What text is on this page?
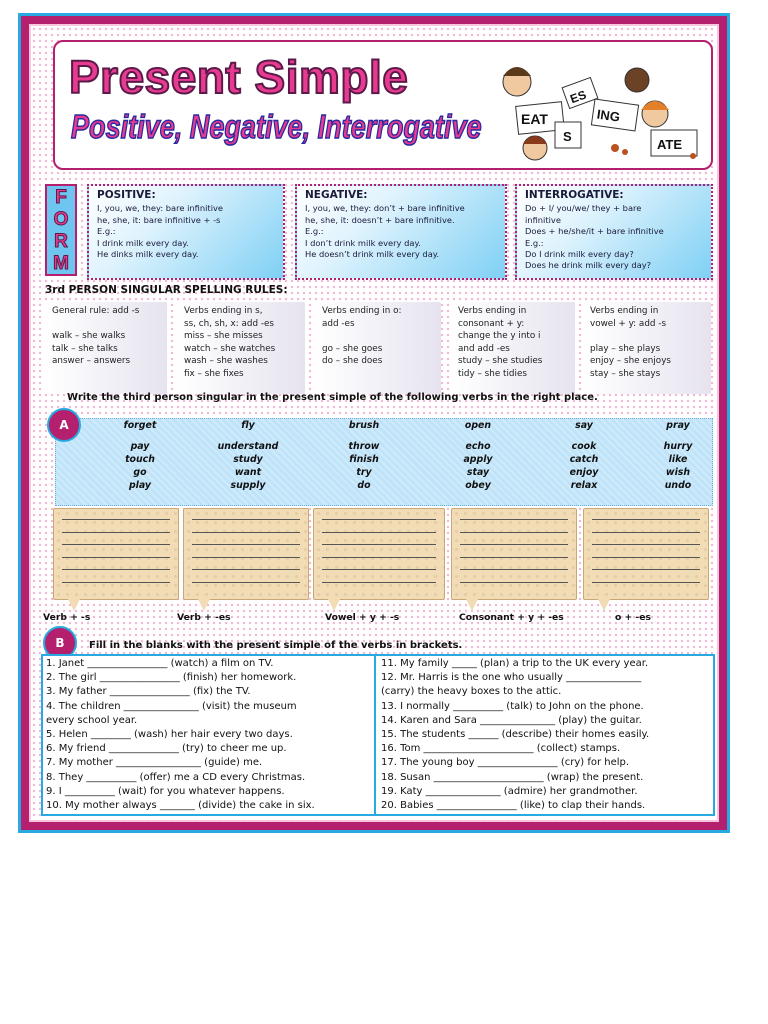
Present Simple
Positive, Negative, Interrogative	EAT
ES
ING
S
ATE
F
O
R
M
POSITIVE:
I, you, we, they: bare infinitive
he, she, it: bare infinitive + -s
E.g.:
I drink milk every day.
He dinks milk every day.
NEGATIVE:
I, you, we, they: don’t + bare infinitive
he, she, it: doesn’t + bare infinitive.
E.g.:
I don’t drink milk every day.
He doesn’t drink milk every day.
INTERROGATIVE:
Do + I/ you/we/ they + bare
infinitive
Does + he/she/it + bare infinitive
E.g.:
Do I drink milk every day?
Does he drink milk every day?
3rd PERSON SINGULAR SPELLING RULES:
General rule: add -s
walk – she walks
talk – she talks
answer – answers
Verbs ending in s,
ss, ch, sh, x: add -es
miss – she misses
watch – she watches
wash – she washes
fix – she fixes
Verbs ending in o:
add -es
go – she goes
do – she does
Verbs ending in
consonant + y:
change the y into i
and add -es
study – she studies
tidy – she tidies
Verbs ending in
vowel + y: add -s
play – she plays
enjoy – she enjoys
stay – she stays
Write the third person singular in the present simple of the following verbs in the right place.
forget
pay
touch
go
play
fly
understand
study
want
supply
brush
throw
finish
try
do
open
echo
apply
stay
obey
say
cook
catch
enjoy
relax
pray
hurry
like
wish
undo
A
Verb + -s	Verb + -es	Vowel + y + -s	Consonant + y + -es	o + -es
B	Fill in the blanks with the present simple of the verbs in brackets.
1. Janet ________________ (watch) a film on TV.
2. The girl ________________ (finish) her homework.
3. My father ________________ (fix) the TV.
4. The children _______________ (visit) the museum
every school year.
5. Helen ________ (wash) her hair every two days.
6. My friend ______________ (try) to cheer me up.
7. My mother _________________ (guide) me.
8. They __________ (offer) me a CD every Christmas.
9. I __________ (wait) for you whatever happens.
10. My mother always _______ (divide) the cake in six.
11. My family _____ (plan) a trip to the UK every year.
12. Mr. Harris is the one who usually _______________
(carry) the heavy boxes to the attic.
13. I normally __________ (talk) to John on the phone.
14. Karen and Sara _______________ (play) the guitar.
15. The students ______ (describe) their homes easily.
16. Tom ______________________ (collect) stamps.
17. The young boy ________________ (cry) for help.
18. Susan ______________________ (wrap) the present.
19. Katy _______________ (admire) her grandmother.
20. Babies ________________ (like) to clap their hands.
